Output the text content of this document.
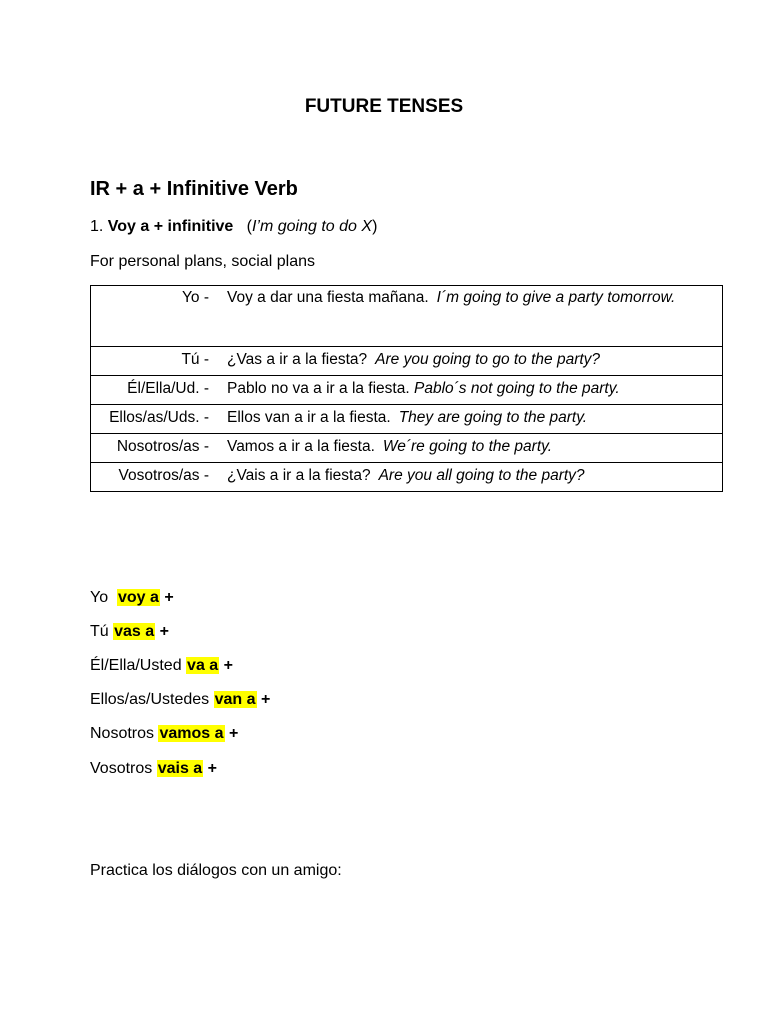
FUTURE TENSES
IR + a + Infinitive Verb
1. Voy a + infinitive   (I’m going to do X)
For personal plans, social plans
Yo -	Voy a dar una fiesta mañana. I´m going to give a party tomorrow.
Tú -	¿Vas a ir a la fiesta? Are you going to go to the party?
Él/Ella/Ud. -	Pablo no va a ir a la fiesta. Pablo´s not going to the party.
Ellos/as/Uds. -	Ellos van a ir a la fiesta. They are going to the party.
Nosotros/as -	Vamos a ir a la fiesta. We´re going to the party.
Vosotros/as -	¿Vais a ir a la fiesta? Are you all going to the party?
Yo  voy a +
Tú vas a +
Él/Ella/Usted va a +
Ellos/as/Ustedes van a +
Nosotros vamos a +
Vosotros vais a +
Practica los diálogos con un amigo:
